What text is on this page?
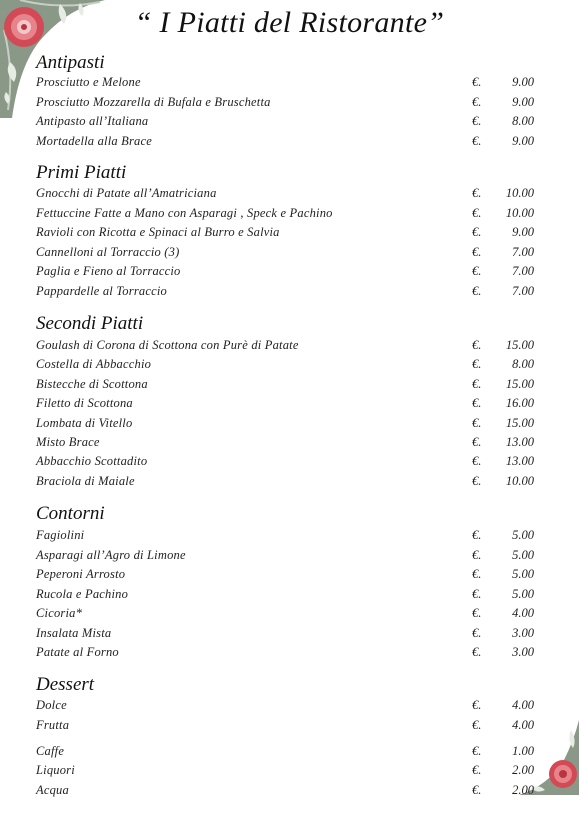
“ I Piatti del Ristorante”
Antipasti
Prosciutto e Melone	€.	9.00
Prosciutto Mozzarella di Bufala e Bruschetta	€.	9.00
Antipasto all’Italiana	€.	8.00
Mortadella alla Brace	€.	9.00
Primi Piatti
Gnocchi di Patate all’Amatriciana	€.	10.00
Fettuccine Fatte a Mano con Asparagi , Speck e Pachino	€.	10.00
Ravioli con Ricotta e Spinaci al Burro e Salvia	€.	9.00
Cannelloni al Torraccio (3)	€.	7.00
Paglia e Fieno al Torraccio	€.	7.00
Pappardelle al Torraccio	€.	7.00
Secondi Piatti
Goulash di Corona di Scottona con Purè di Patate	€.	15.00
Costella di Abbacchio	€.	8.00
Bistecche di Scottona	€.	15.00
Filetto di Scottona	€.	16.00
Lombata di Vitello	€.	15.00
Misto Brace	€.	13.00
Abbacchio Scottadito	€.	13.00
Braciola di Maiale	€.	10.00
Contorni
Fagiolini	€.	5.00
Asparagi all’Agro di Limone	€.	5.00
Peperoni Arrosto	€.	5.00
Rucola e Pachino	€.	5.00
Cicoria*	€.	4.00
Insalata Mista	€.	3.00
Patate al Forno	€.	3.00
Dessert
Dolce	€.	4.00
Frutta	€.	4.00
Caffe	€.	1.00
Liquori	€.	2.00
Acqua	€.	2.00
